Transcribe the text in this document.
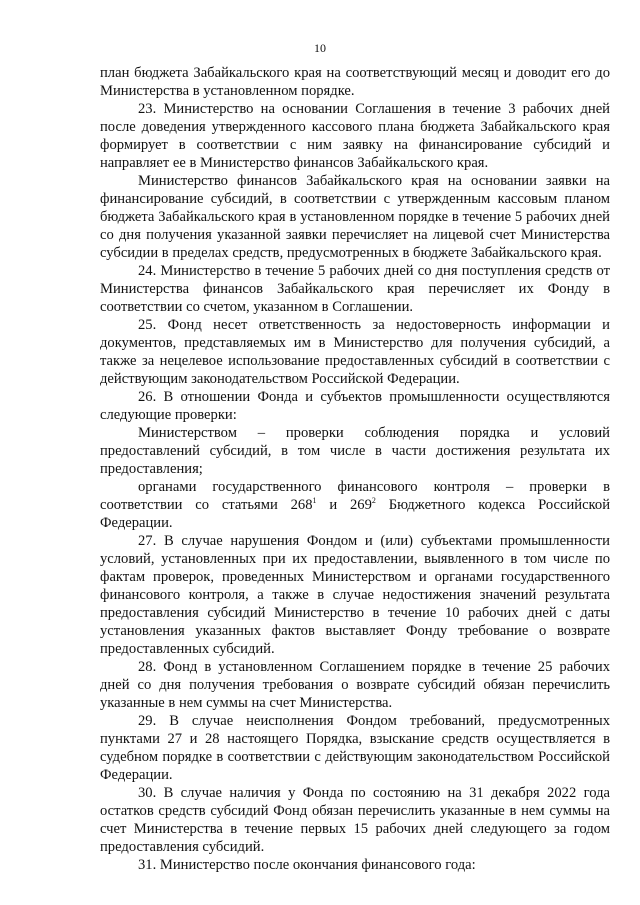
10

план бюджета Забайкальского края на соответствующий месяц и доводит его до Министерства в установленном порядке.

23. Министерство на основании Соглашения в течение 3 рабочих дней после доведения утвержденного кассового плана бюджета Забайкальского края формирует в соответствии с ним заявку на финансирование субсидий и направляет ее в Министерство финансов Забайкальского края.

Министерство финансов Забайкальского края на основании заявки на финансирование субсидий, в соответствии с утвержденным кассовым планом бюджета Забайкальского края в установленном порядке в течение 5 рабочих дней со дня получения указанной заявки перечисляет на лицевой счет Министерства субсидии в пределах средств, предусмотренных в бюджете Забайкальского края.

24. Министерство в течение 5 рабочих дней со дня поступления средств от Министерства финансов Забайкальского края перечисляет их Фонду в соответствии со счетом, указанном в Соглашении.

25. Фонд несет ответственность за недостоверность информации и документов, представляемых им в Министерство для получения субсидий, а также за нецелевое использование предоставленных субсидий в соответствии с действующим законодательством Российской Федерации.

26. В отношении Фонда и субъектов промышленности осуществляются следующие проверки:

Министерством – проверки соблюдения порядка и условий предоставлений субсидий, в том числе в части достижения результата их предоставления;

органами государственного финансового контроля – проверки в соответствии со статьями $268^1$ и $269^2$ Бюджетного кодекса Российской Федерации.

27. В случае нарушения Фондом и (или) субъектами промышленности условий, установленных при их предоставлении, выявленного в том числе по фактам проверок, проведенных Министерством и органами государственного финансового контроля, а также в случае недостижения значений результата предоставления субсидий Министерство в течение 10 рабочих дней с даты установления указанных фактов выставляет Фонду требование о возврате предоставленных субсидий.

28. Фонд в установленном Соглашением порядке в течение 25 рабочих дней со дня получения требования о возврате субсидий обязан перечислить указанные в нем суммы на счет Министерства.

29. В случае неисполнения Фондом требований, предусмотренных пунктами 27 и 28 настоящего Порядка, взыскание средств осуществляется в судебном порядке в соответствии с действующим законодательством Российской Федерации.

30. В случае наличия у Фонда по состоянию на 31 декабря 2022 года остатков средств субсидий Фонд обязан перечислить указанные в нем суммы на счет Министерства в течение первых 15 рабочих дней следующего за годом предоставления субсидий.

31. Министерство после окончания финансового года:
